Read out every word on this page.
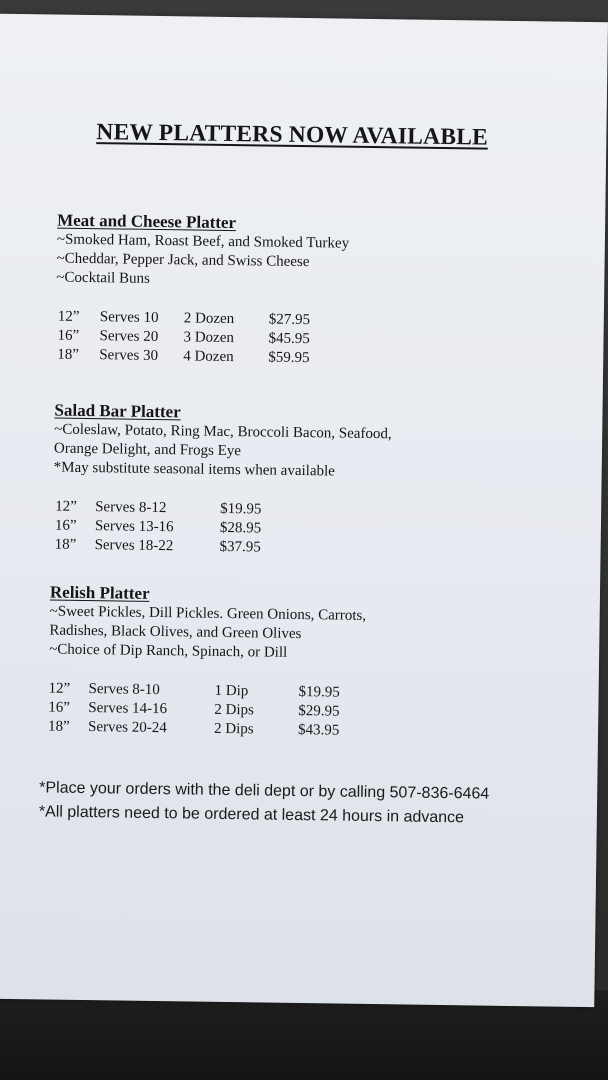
NEW PLATTERS NOW AVAILABLE
Meat and Cheese Platter
~Smoked Ham, Roast Beef, and Smoked Turkey
~Cheddar, Pepper Jack, and Swiss Cheese
~Cocktail Buns
12” Serves 10 2 Dozen $27.95
16” Serves 20 3 Dozen $45.95
18” Serves 30 4 Dozen $59.95
Salad Bar Platter
~Coleslaw, Potato, Ring Mac, Broccoli Bacon, Seafood,
Orange Delight, and Frogs Eye
*May substitute seasonal items when available
12” Serves 8-12	$19.95
16” Serves 13-16	$28.95
18” Serves 18-22	$37.95
Relish Platter
~Sweet Pickles, Dill Pickles. Green Onions, Carrots,
Radishes, Black Olives, and Green Olives
~Choice of Dip Ranch, Spinach, or Dill
12” Serves 8-10	1 Dip	$19.95
16” Serves 14-16	2 Dips	$29.95
18” Serves 20-24	2 Dips	$43.95
*Place your orders with the deli dept or by calling 507-836-6464
*All platters need to be ordered at least 24 hours in advance
